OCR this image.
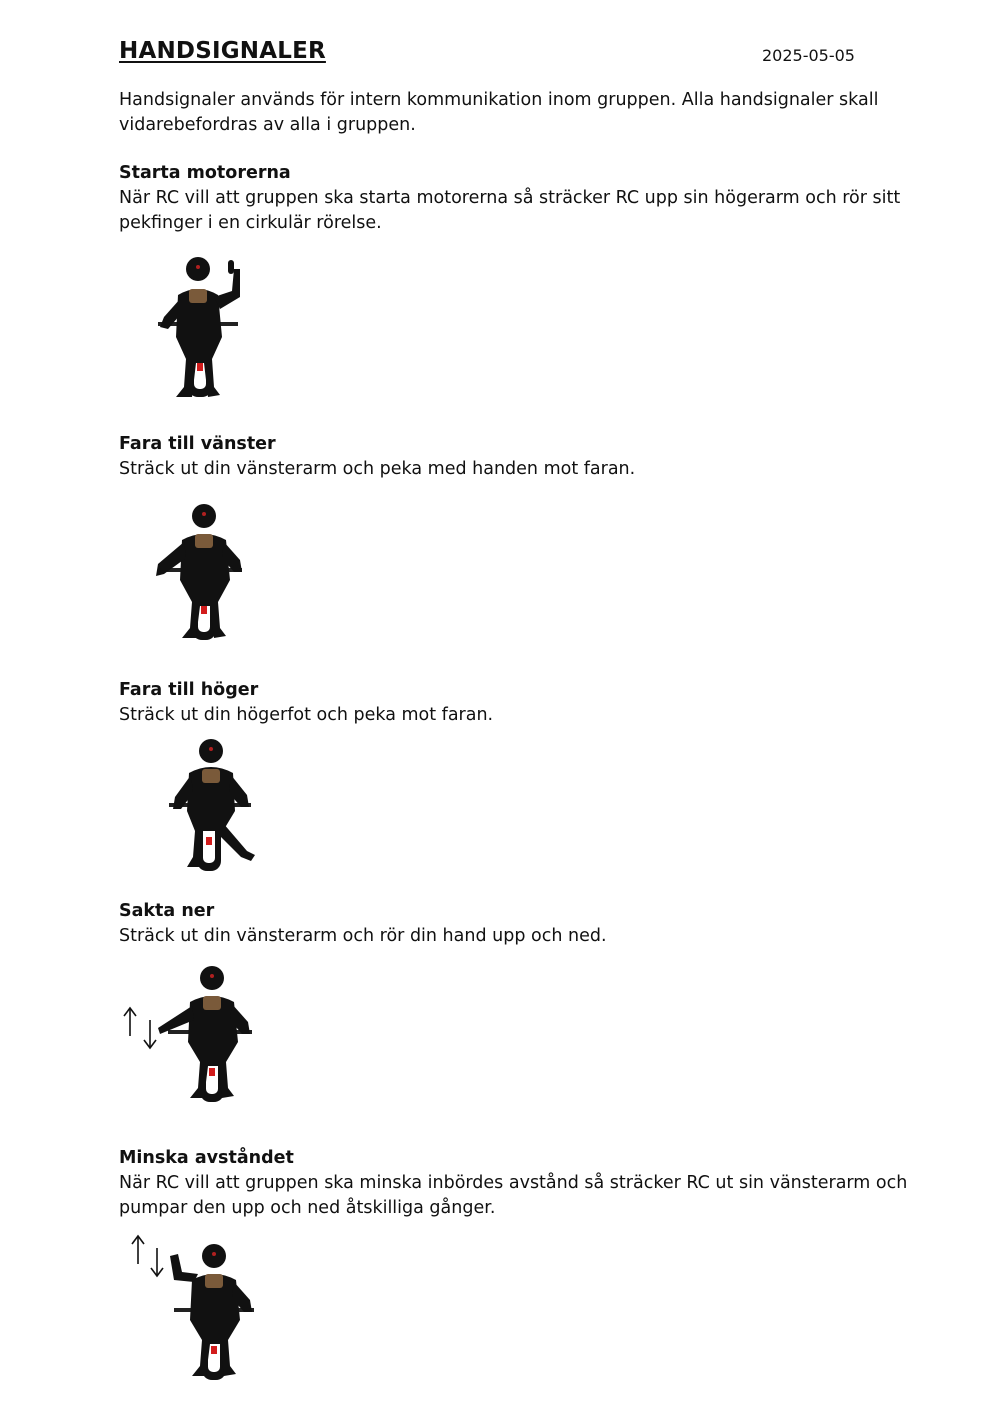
HANDSIGNALER	2025-05-05

Handsignaler används för intern kommunikation inom gruppen. Alla handsignaler skall vidarebefordras av alla i gruppen.

Starta motorerna

När RC vill att gruppen ska starta motorerna så sträcker RC upp sin högerarm och rör sitt pekfinger i en cirkulär rörelse.

Fara till vänster

Sträck ut din vänsterarm och peka med handen mot faran.

Fara till höger

Sträck ut din högerfot och peka mot faran.

Sakta ner

Sträck ut din vänsterarm och rör din hand upp och ned.

Minska avståndet

När RC vill att gruppen ska minska inbördes avstånd så sträcker RC ut sin vänsterarm och pumpar den upp och ned åtskilliga gånger.
